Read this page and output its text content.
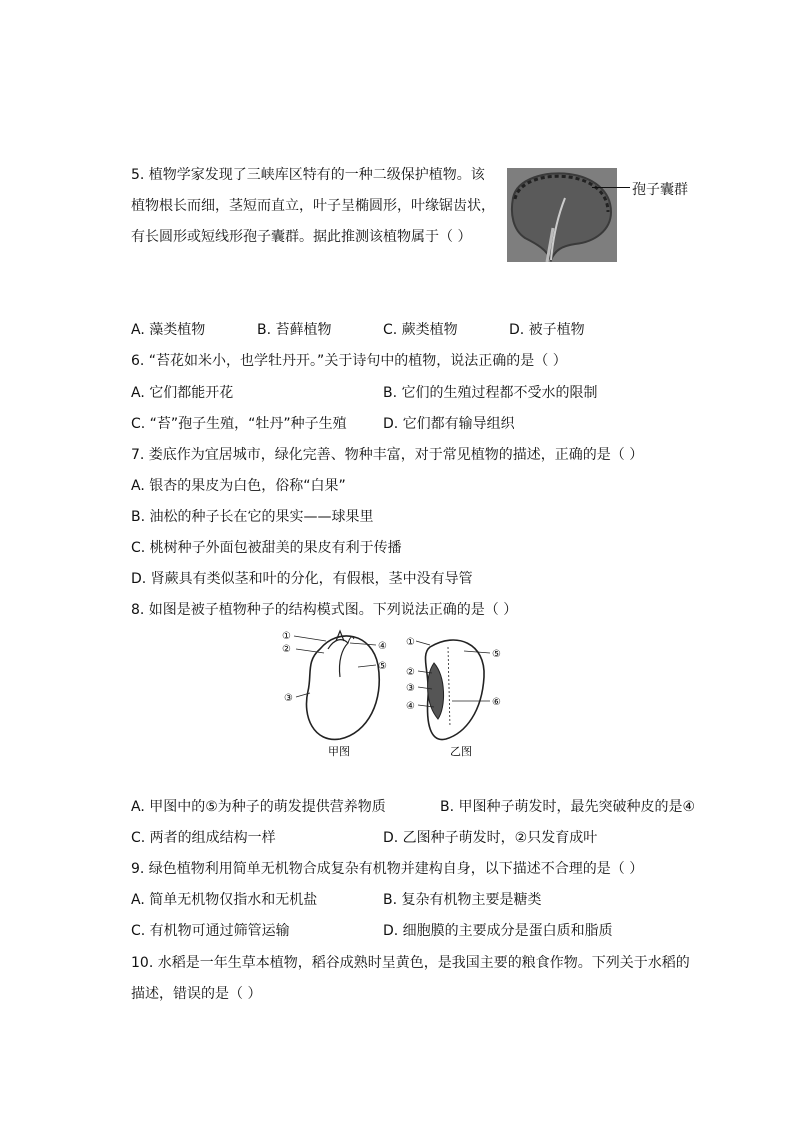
5. 植物学家发现了三峡库区特有的一种二级保护植物。该
植物根长而细，茎短而直立，叶子呈椭圆形，叶缘锯齿状，
有长圆形或短线形孢子囊群。据此推测该植物属于（ ）
孢子囊群
A. 藻类植物	B. 苔藓植物	C. 蕨类植物	D. 被子植物
6. “苔花如米小，也学牡丹开。”关于诗句中的植物，说法正确的是（ ）
A. 它们都能开花	B. 它们的生殖过程都不受水的限制
C. “苔”孢子生殖，“牡丹”种子生殖	D. 它们都有输导组织
7. 娄底作为宜居城市，绿化完善、物种丰富，对于常见植物的描述，正确的是（ ）
A. 银杏的果皮为白色，俗称“白果”
B. 油松的种子长在它的果实——球果里
C. 桃树种子外面包被甜美的果皮有利于传播
D. 肾蕨具有类似茎和叶的分化，有假根，茎中没有导管
8. 如图是被子植物种子的结构模式图。下列说法正确的是（ ）
①
②
③
④
⑤
甲图
①
⑤
②
③
④	⑥
乙图
A. 甲图中的⑤为种子的萌发提供营养物质	B. 甲图种子萌发时，最先突破种皮的是④
C. 两者的组成结构一样	D. 乙图种子萌发时，②只发育成叶
9. 绿色植物利用简单无机物合成复杂有机物并建构自身，以下描述不合理的是（ ）
A. 简单无机物仅指水和无机盐	B. 复杂有机物主要是糖类
C. 有机物可通过筛管运输	D. 细胞膜的主要成分是蛋白质和脂质
10. 水稻是一年生草本植物，稻谷成熟时呈黄色，是我国主要的粮食作物。下列关于水稻的
描述，错误的是（ ）
